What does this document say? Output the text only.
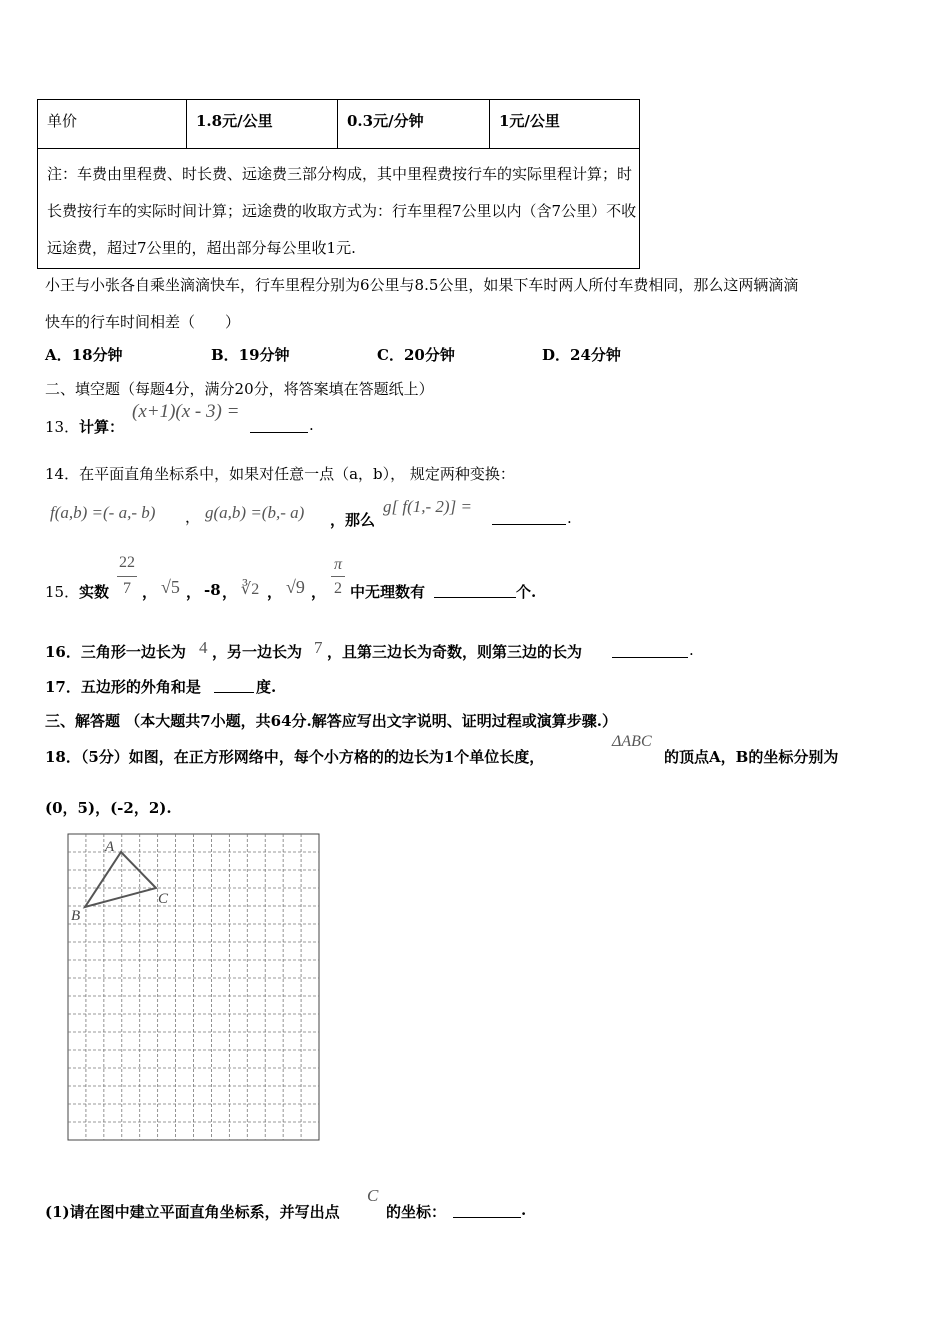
单价	1.8元/公里	0.3元/分钟	1元/公里
注：车费由里程费、时长费、远途费三部分构成，其中里程费按行车的实际里程计算；时长费按行车的实际时间计算；远途费的收取方式为：行车里程7公里以内（含7公里）不收远途费，超过7公里的，超出部分每公里收1元.
小王与小张各自乘坐滴滴快车，行车里程分别为6公里与8.5公里，如果下车时两人所付车费相同，那么这两辆滴滴
快车的行车时间相差（　　）
A．18分钟	B．19分钟	C．20分钟	D．24分钟
二、填空题（每题4分，满分20分，将答案填在答题纸上）
13． 计算：
(x+1)(x - 3) =
.
14．在平面直角坐标系中，如果对任意一点（a，b）， 规定两种变换：
f(a,b) =(- a,- b) ， g(a,b) =(b,- a) ，那么
g[ f(1,- 2)] =
.
15． 实数
22
7 ， √5 ， -8 ， ∛2 ， √9 ，
π
2 中无理数有	个.
16．三角形一边长为 4 ，另一边长为 7 ，且第三边长为奇数，则第三边的长为	.
17．五边形的外角和是	度.
三、解答题 （本大题共7小题，共64分.解答应写出文字说明、证明过程或演算步骤.）
18．（5分）如图，在正方形网络中，每个小方格的的边长为1个单位长度，
ΔABC
的顶点A，B的坐标分别为
(0，5)，(-2，2).
A
B
C
(1)请在图中建立平面直角坐标系，并写出点
C
的坐标：	.
